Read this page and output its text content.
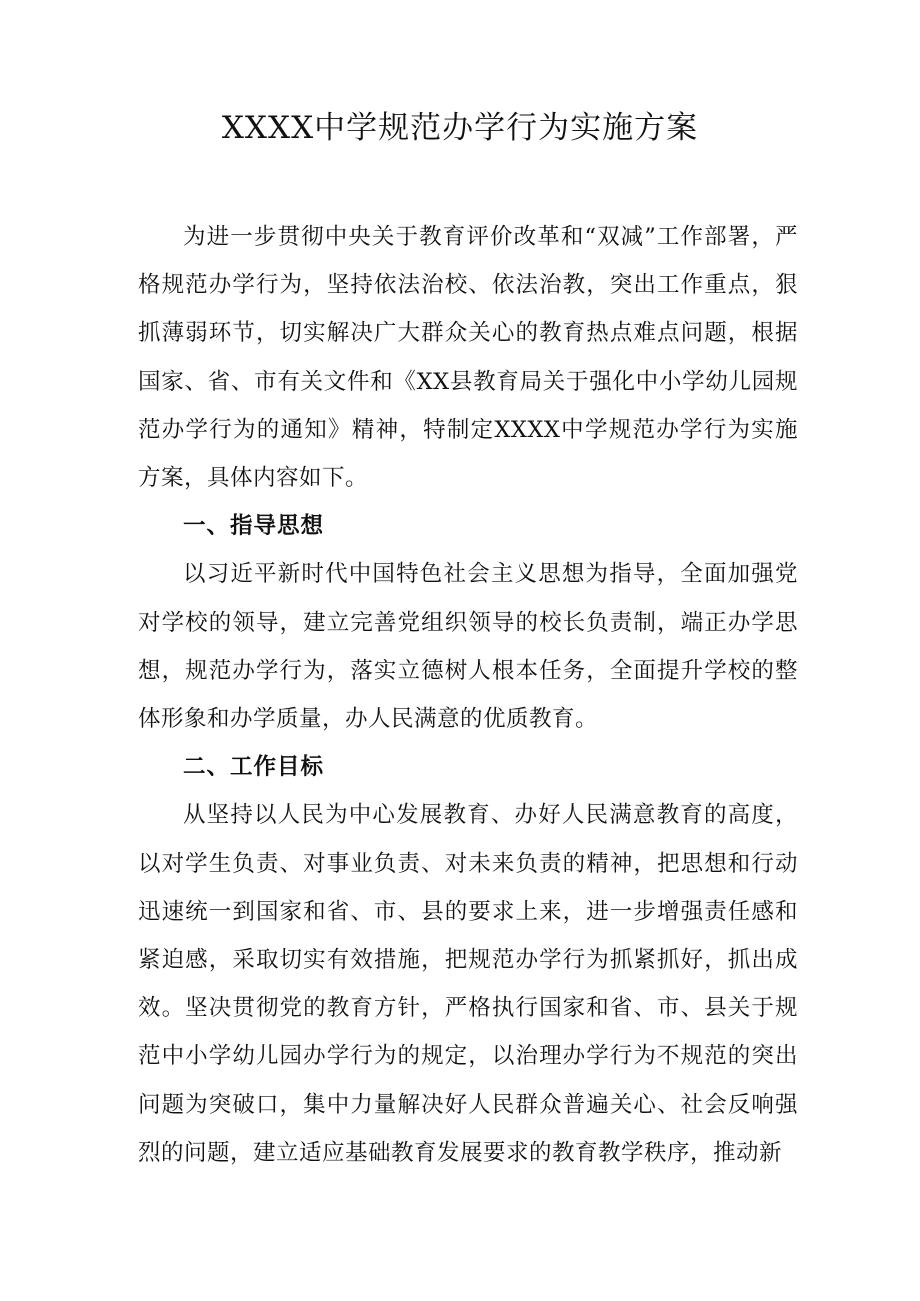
XXXX中学规范办学行为实施方案

为进一步贯彻中央关于教育评价改革和“双减”工作部署，严格规范办学行为，坚持依法治校、依法治教，突出工作重点，狠抓薄弱环节，切实解决广大群众关心的教育热点难点问题，根据国家、省、市有关文件和《XX县教育局关于强化中小学幼儿园规范办学行为的通知》精神，特制定XXXX中学规范办学行为实施方案，具体内容如下。

一、指导思想

以习近平新时代中国特色社会主义思想为指导，全面加强党对学校的领导，建立完善党组织领导的校长负责制，端正办学思想，规范办学行为，落实立德树人根本任务，全面提升学校的整体形象和办学质量，办人民满意的优质教育。

二、工作目标

从坚持以人民为中心发展教育、办好人民满意教育的高度，以对学生负责、对事业负责、对未来负责的精神，把思想和行动迅速统一到国家和省、市、县的要求上来，进一步增强责任感和紧迫感，采取切实有效措施，把规范办学行为抓紧抓好，抓出成效。坚决贯彻党的教育方针，严格执行国家和省、市、县关于规范中小学幼儿园办学行为的规定，以治理办学行为不规范的突出问题为突破口，集中力量解决好人民群众普遍关心、社会反响强烈的问题，建立适应基础教育发展要求的教育教学秩序，推动新
